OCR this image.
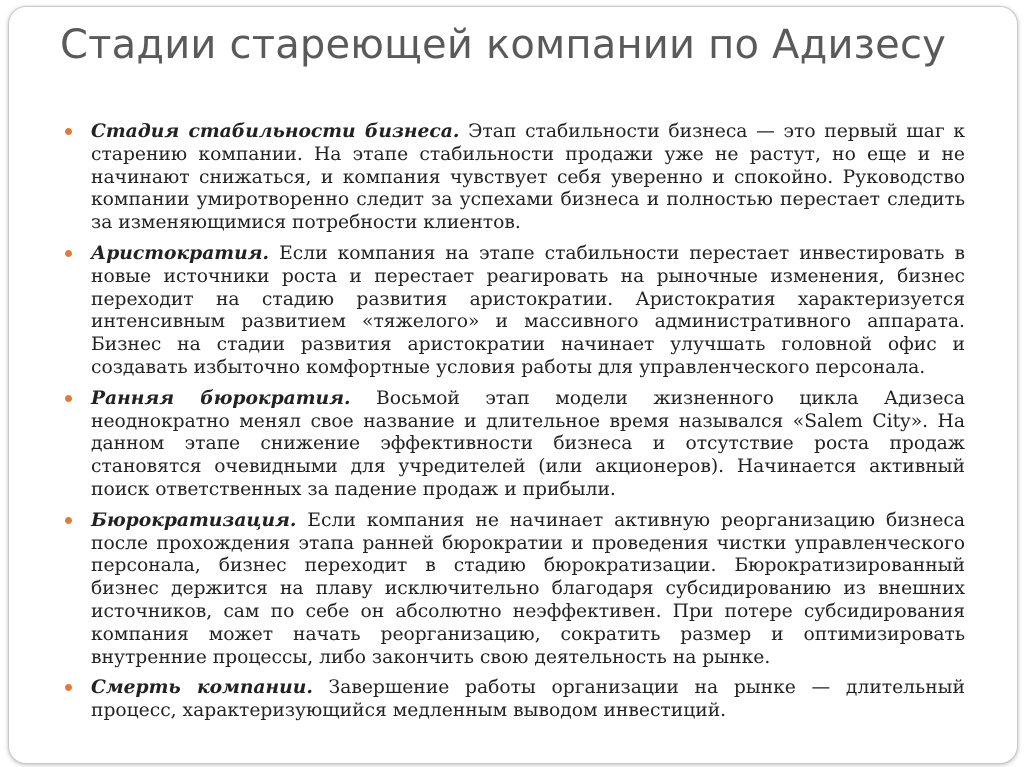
Стадии стареющей компании по Адизесу
Стадия стабильности бизнеса. Этап стабильности бизнеса — это первый шаг к старению компании. На этапе стабильности продажи уже не растут, но еще и не начинают снижаться, и компания чувствует себя уверенно и спокойно. Руководство компании умиротворенно следит за успехами бизнеса и полностью перестает следить за изменяющимися потребности клиентов.
Аристократия. Если компания на этапе стабильности перестает инвестировать в новые источники роста и перестает реагировать на рыночные изменения, бизнес переходит на стадию развития аристократии. Аристократия характеризуется интенсивным развитием «тяжелого» и массивного административного аппарата. Бизнес на стадии развития аристократии начинает улучшать головной офис и создавать избыточно комфортные условия работы для управленческого персонала.
Ранняя бюрократия. Восьмой этап модели жизненного цикла Адизеса неоднократно менял свое название и длительное время назывался «Salem City». На данном этапе снижение эффективности бизнеса и отсутствие роста продаж становятся очевидными для учредителей (или акционеров). Начинается активный поиск ответственных за падение продаж и прибыли.
Бюрократизация. Если компания не начинает активную реорганизацию бизнеса после прохождения этапа ранней бюрократии и проведения чистки управленческого персонала, бизнес переходит в стадию бюрократизации. Бюрократизированный бизнес держится на плаву исключительно благодаря субсидированию из внешних источников, сам по себе он абсолютно неэффективен. При потере субсидирования компания может начать реорганизацию, сократить размер и оптимизировать внутренние процессы, либо закончить свою деятельность на рынке.
Смерть компании. Завершение работы организации на рынке — длительный процесс, характеризующийся медленным выводом инвестиций.
